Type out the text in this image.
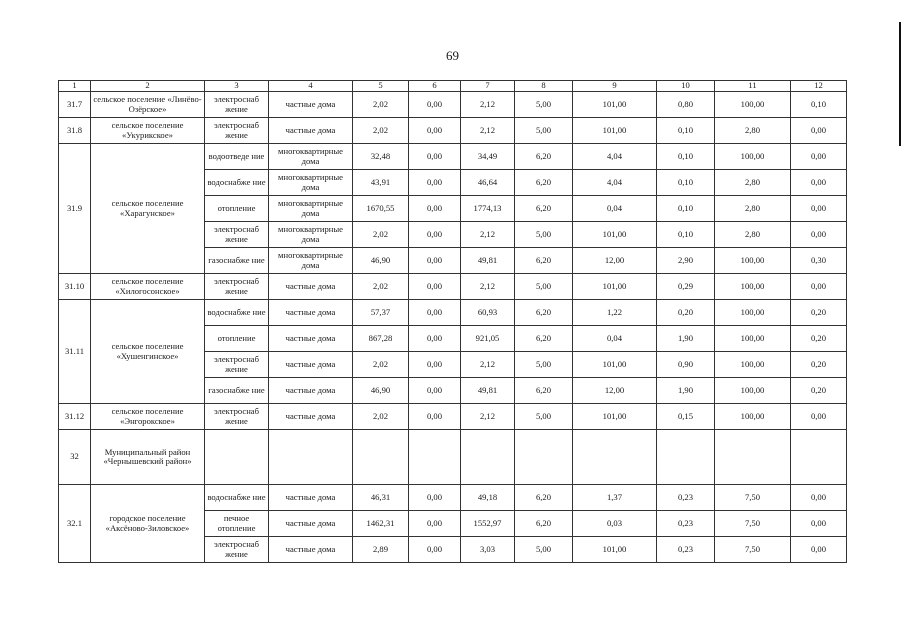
69
1	2	3	4	5	6	7	8	9	10	11	12
31.7	сельское поселение «Линёво-Озёрское»	электроснаб жение	частные дома	2,02	0,00	2,12	5,00	101,00	0,80	100,00	0,10
31.8	сельское поселение «Укурикское»	электроснаб жение	частные дома	2,02	0,00	2,12	5,00	101,00	0,10	2,80	0,00
31.9	сельское поселение «Харагунское»	водоотведе ние	многоквартирные дома	32,48	0,00	34,49	6,20	4,04	0,10	100,00	0,00
		водоснабже ние	многоквартирные дома	43,91	0,00	46,64	6,20	4,04	0,10	2,80	0,00
		отопление	многоквартирные дома	1670,55	0,00	1774,13	6,20	0,04	0,10	2,80	0,00
		электроснаб жение	многоквартирные дома	2,02	0,00	2,12	5,00	101,00	0,10	2,80	0,00
		газоснабже ние	многоквартирные дома	46,90	0,00	49,81	6,20	12,00	2,90	100,00	0,30
31.10	сельское поселение «Хилогосонское»	электроснаб жение	частные дома	2,02	0,00	2,12	5,00	101,00	0,29	100,00	0,00
31.11	сельское поселение «Хушенгинское»	водоснабже ние	частные дома	57,37	0,00	60,93	6,20	1,22	0,20	100,00	0,20
		отопление	частные дома	867,28	0,00	921,05	6,20	0,04	1,90	100,00	0,20
		электроснаб жение	частные дома	2,02	0,00	2,12	5,00	101,00	0,90	100,00	0,20
		газоснабже ние	частные дома	46,90	0,00	49,81	6,20	12,00	1,90	100,00	0,20
31.12	сельское поселение «Энгорокское»	электроснаб жение	частные дома	2,02	0,00	2,12	5,00	101,00	0,15	100,00	0,00
32	Муниципальный район «Чернышевский район»										
32.1	городское поселение «Аксёново-Зиловское»	водоснабже ние	частные дома	46,31	0,00	49,18	6,20	1,37	0,23	7,50	0,00
		печное отопление	частные дома	1462,31	0,00	1552,97	6,20	0,03	0,23	7,50	0,00
		электроснаб жение	частные дома	2,89	0,00	3,03	5,00	101,00	0,23	7,50	0,00
